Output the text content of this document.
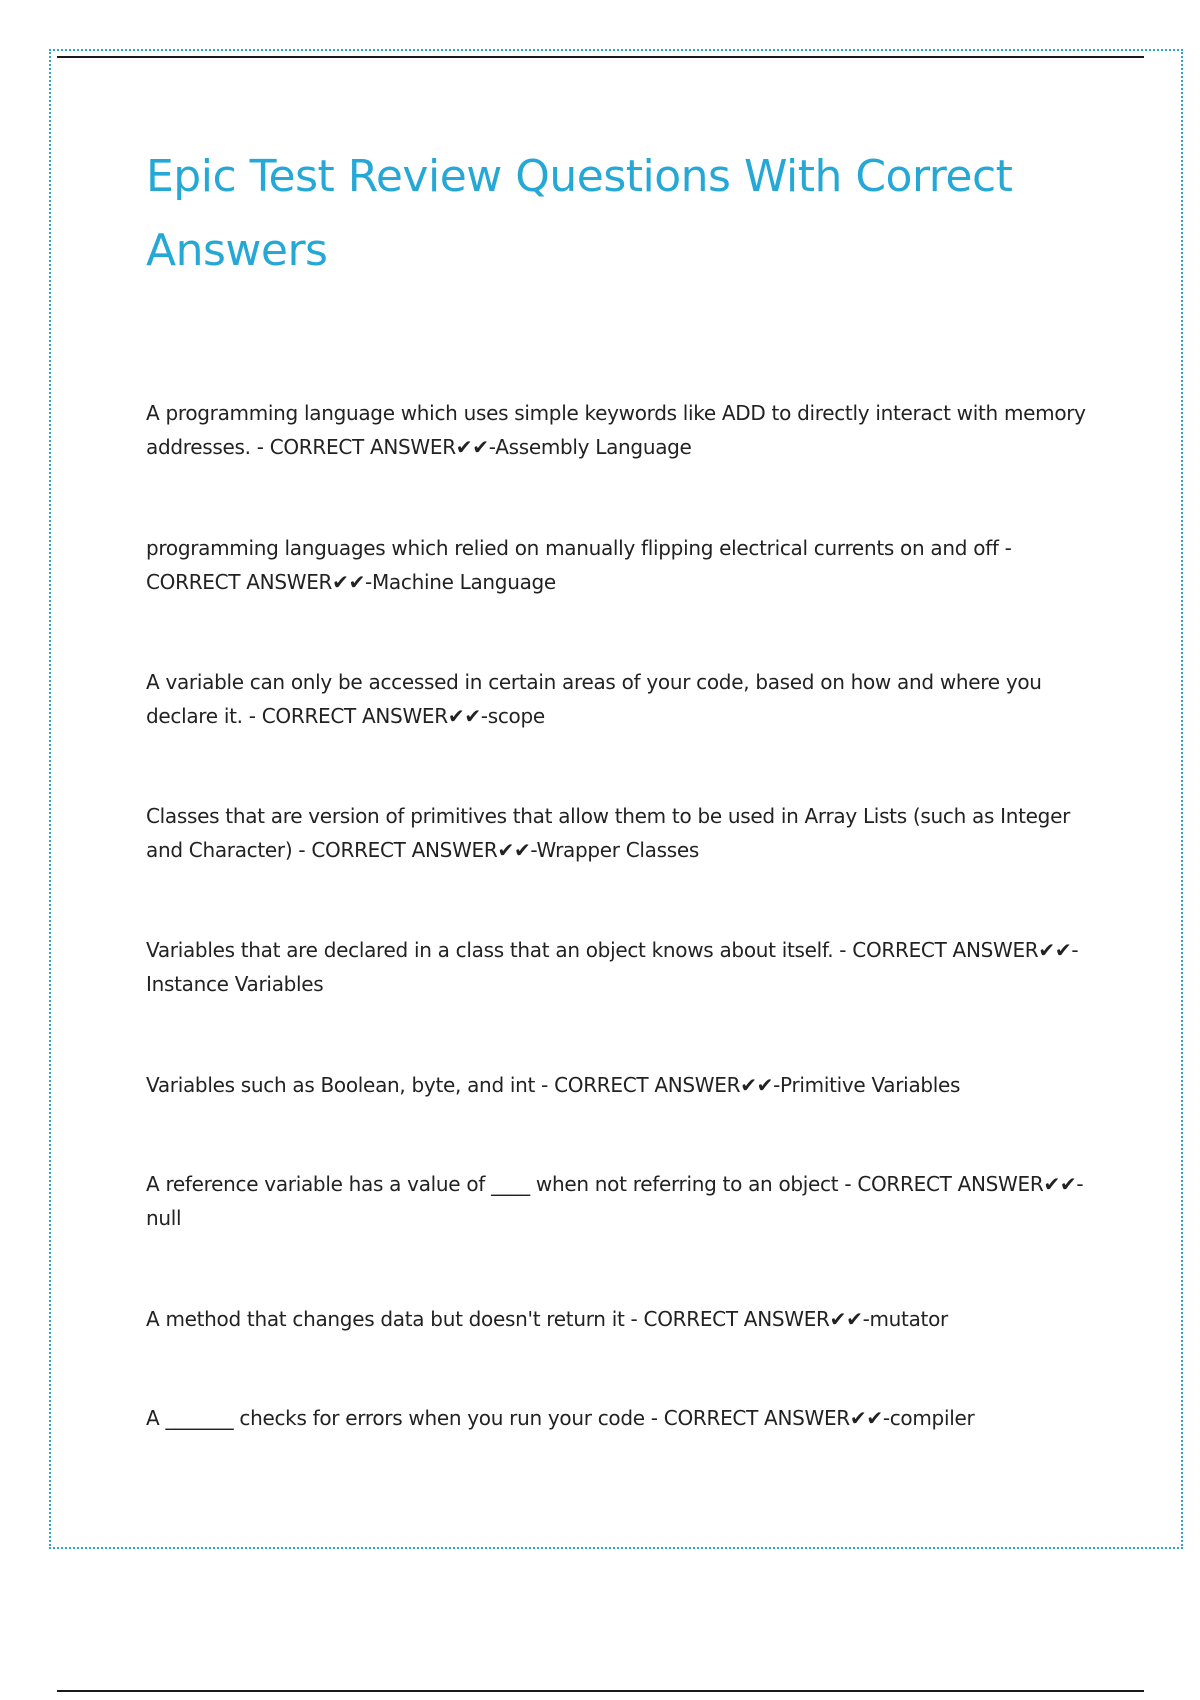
Epic Test Review Questions With Correct Answers

A programming language which uses simple keywords like ADD to directly interact with memory addresses. - CORRECT ANSWER✔✔-Assembly Language

programming languages which relied on manually flipping electrical currents on and off - CORRECT ANSWER✔✔-Machine Language

A variable can only be accessed in certain areas of your code, based on how and where you declare it. - CORRECT ANSWER✔✔-scope

Classes that are version of primitives that allow them to be used in Array Lists (such as Integer and Character) - CORRECT ANSWER✔✔-Wrapper Classes

Variables that are declared in a class that an object knows about itself. - CORRECT ANSWER✔✔-Instance Variables

Variables such as Boolean, byte, and int - CORRECT ANSWER✔✔-Primitive Variables

A reference variable has a value of ____ when not referring to an object - CORRECT ANSWER✔✔-null

A method that changes data but doesn't return it - CORRECT ANSWER✔✔-mutator

A _______ checks for errors when you run your code - CORRECT ANSWER✔✔-compiler
